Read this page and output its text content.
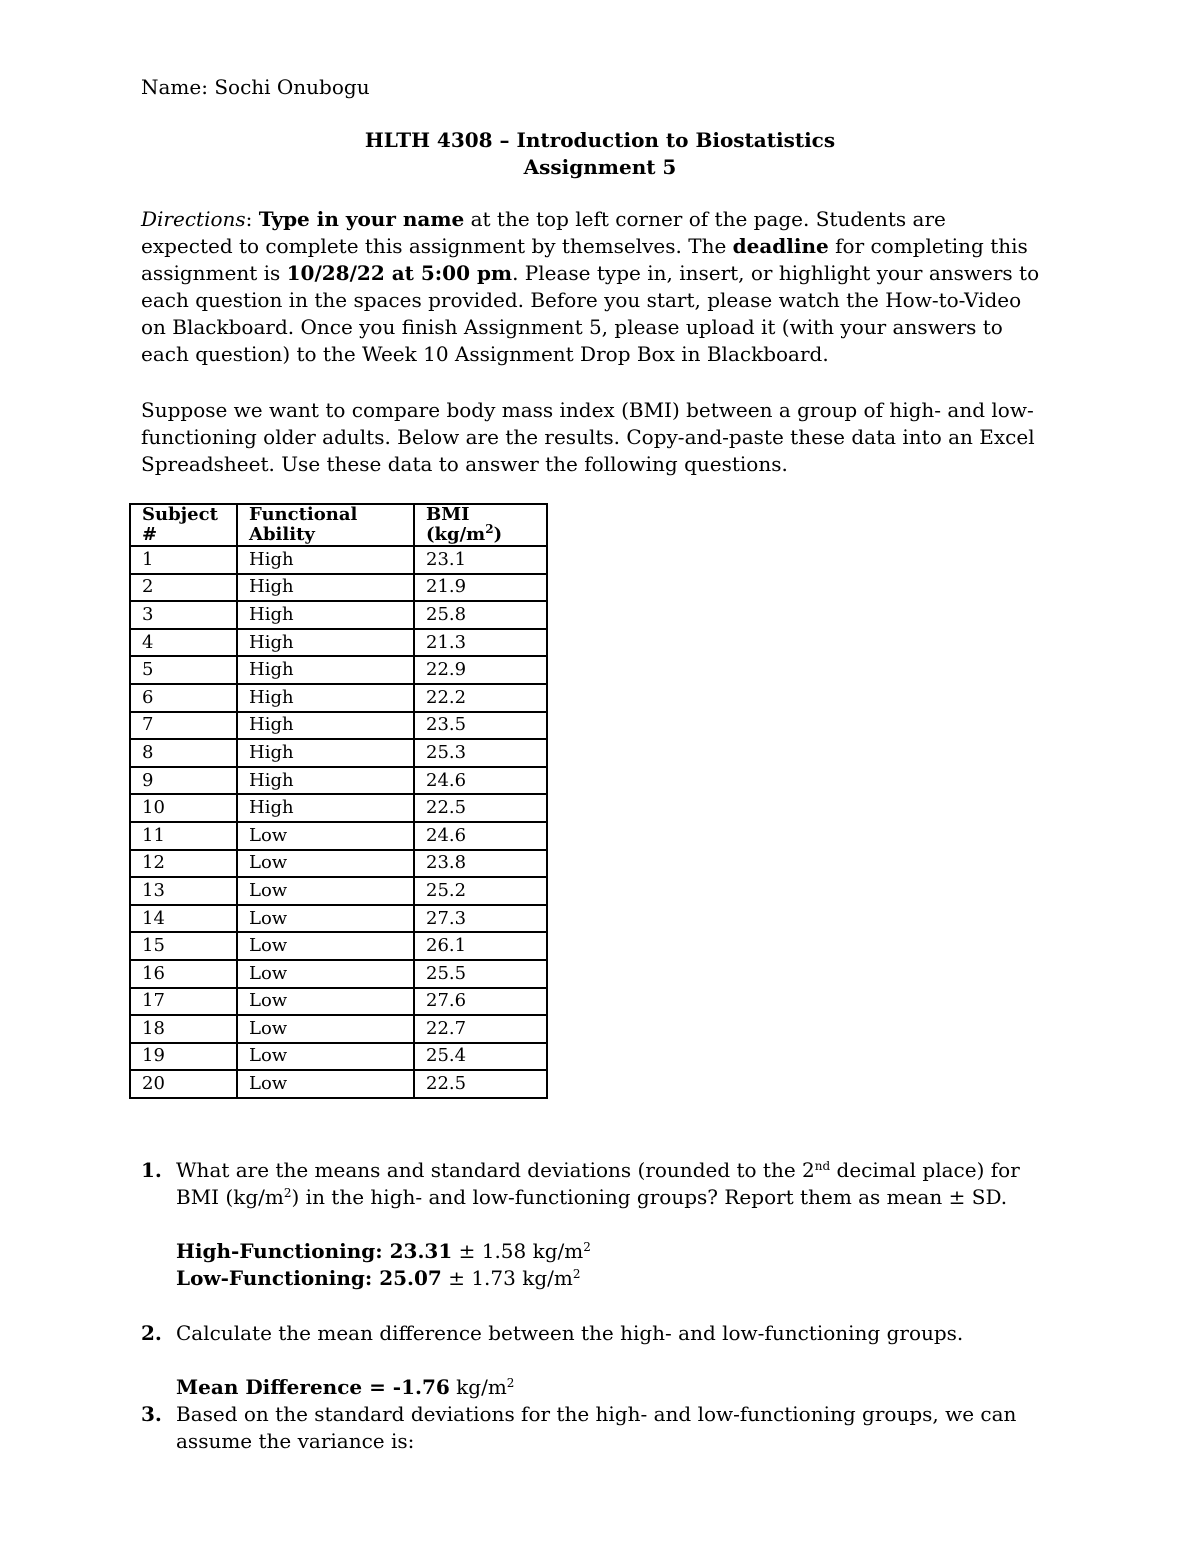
Name: Sochi Onubogu
HLTH 4308 – Introduction to Biostatistics
Assignment 5
Directions: Type in your name at the top left corner of the page. Students are expected to complete this assignment by themselves. The deadline for completing this assignment is 10/28/22 at 5:00 pm. Please type in, insert, or highlight your answers to each question in the spaces provided. Before you start, please watch the How-to-Video on Blackboard. Once you finish Assignment 5, please upload it (with your answers to each question) to the Week 10 Assignment Drop Box in Blackboard.
Suppose we want to compare body mass index (BMI) between a group of high- and low-functioning older adults. Below are the results. Copy-and-paste these data into an Excel Spreadsheet. Use these data to answer the following questions.
Subject #	Functional Ability	BMI $(kg/m^2)$
1	High	23.1
2	High	21.9
3	High	25.8
4	High	21.3
5	High	22.9
6	High	22.2
7	High	23.5
8	High	25.3
9	High	24.6
10	High	22.5
11	Low	24.6
12	Low	23.8
13	Low	25.2
14	Low	27.3
15	Low	26.1
16	Low	25.5
17	Low	27.6
18	Low	22.7
19	Low	25.4
20	Low	22.5
1. What are the means and standard deviations (rounded to the 2nd decimal place) for BMI $(kg/m^2)$ in the high- and low-functioning groups? Report them as mean ± SD.
High-Functioning: 23.31 ± 1.58 $kg/m^2$
Low-Functioning: 25.07 ± 1.73 $kg/m^2$
2. Calculate the mean difference between the high- and low-functioning groups.
Mean Difference = -1.76 $kg/m^2$
3. Based on the standard deviations for the high- and low-functioning groups, we can assume the variance is:
